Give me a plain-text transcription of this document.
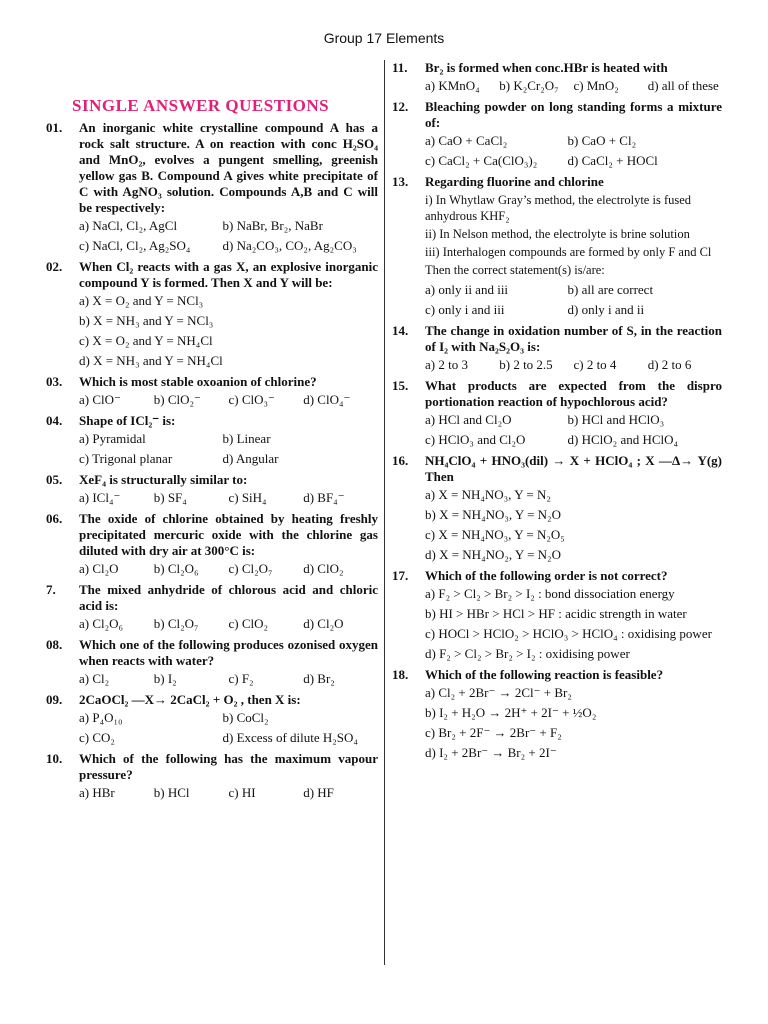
Group 17 Elements
SINGLE ANSWER QUESTIONS
01.	An inorganic white crystalline compound A has a rock salt structure. A on reaction with conc H₂SO₄ and MnO₂, evolves a pungent smelling, greenish yellow gas B. Compound A gives white precipitate of C with AgNO₃ solution. Compounds A,B and C will be respectively:
a) NaCl, Cl₂, AgCl	b) NaBr, Br₂, NaBr
c) NaCl, Cl₂, Ag₂SO₄	d) Na₂CO₃, CO₂, Ag₂CO₃
02.	When Cl₂ reacts with a gas X, an explosive inorganic compound Y is formed. Then X and Y will be:
a) X = O₂ and Y = NCl₃
b) X = NH₃ and Y = NCl₃
c) X = O₂ and Y = NH₄Cl
d) X = NH₃ and Y = NH₄Cl
03.	Which is most stable oxoanion of chlorine?
a) ClO⁻	b) ClO₂⁻	c) ClO₃⁻	d) ClO₄⁻
04.	Shape of ICl₂⁻ is:
a) Pyramidal	b) Linear
c) Trigonal planar	d) Angular
05.	XeF₄ is structurally similar to:
a) ICl₄⁻	b) SF₄	c) SiH₄	d) BF₄⁻
06.	The oxide of chlorine obtained by heating freshly precipitated mercuric oxide with the chlorine gas diluted with dry air at 300°C is:
a) Cl₂O	b) Cl₂O₆	c) Cl₂O₇	d) ClO₂
7.	The mixed anhydride of chlorous acid and chloric acid is:
a) Cl₂O₆	b) Cl₂O₇	c) ClO₂	d) Cl₂O
08.	Which one of the following produces ozonised oxygen when reacts with water?
a) Cl₂	b) I₂	c) F₂	d) Br₂
09.	2CaOCl₂ —X→ 2CaCl₂ + O₂ , then X is:
a) P₄O₁₀	b) CoCl₂
c) CO₂	d) Excess of dilute H₂SO₄
10.	Which of the following has the maximum vapour pressure?
a) HBr	b) HCl	c) HI	d) HF
11.	Br₂ is formed when conc.HBr is heated with
a) KMnO₄	b) K₂Cr₂O₇	c) MnO₂	d) all of these
12.	Bleaching powder on long standing forms a mixture of:
a) CaO + CaCl₂	b) CaO + Cl₂
c) CaCl₂ + Ca(ClO₃)₂	d) CaCl₂ + HOCl
13.	Regarding fluorine and chlorine
i) In Whytlaw Gray’s method, the electrolyte is fused anhydrous KHF₂
ii) In Nelson method, the electrolyte is brine solution
iii) Interhalogen compounds are formed by only F and Cl
Then the correct statement(s) is/are:
a) only ii and iii	b) all are correct
c) only i and iii	d) only i and ii
14.	The change in oxidation number of S, in the reaction of I₂ with Na₂S₂O₃ is:
a) 2 to 3	b) 2 to 2.5	c) 2 to 4	d) 2 to 6
15.	What products are expected from the dispro portionation reaction of hypochlorous acid?
a) HCl and Cl₂O	b) HCl and HClO₃
c) HClO₃ and Cl₂O	d) HClO₂ and HClO₄
16.	NH₄ClO₄ + HNO₃(dil) → X + HClO₄ ; X —Δ→ Y(g) Then
a) X = NH₄NO₃, Y = N₂
b) X = NH₄NO₃, Y = N₂O
c) X = NH₄NO₃, Y = N₂O₅
d) X = NH₄NO₂, Y = N₂O
17.	Which of the following order is not correct?
a) F₂ > Cl₂ > Br₂ > I₂ : bond dissociation energy
b) HI > HBr > HCl > HF : acidic strength in water
c) HOCl > HClO₂ > HClO₃ > HClO₄ : oxidising power
d) F₂ > Cl₂ > Br₂ > I₂ : oxidising power
18.	Which of the following reaction is feasible?
a) Cl₂ + 2Br⁻ → 2Cl⁻ + Br₂
b) I₂ + H₂O → 2H⁺ + 2I⁻ + ½O₂
c) Br₂ + 2F⁻ → 2Br⁻ + F₂
d) I₂ + 2Br⁻ → Br₂ + 2I⁻
